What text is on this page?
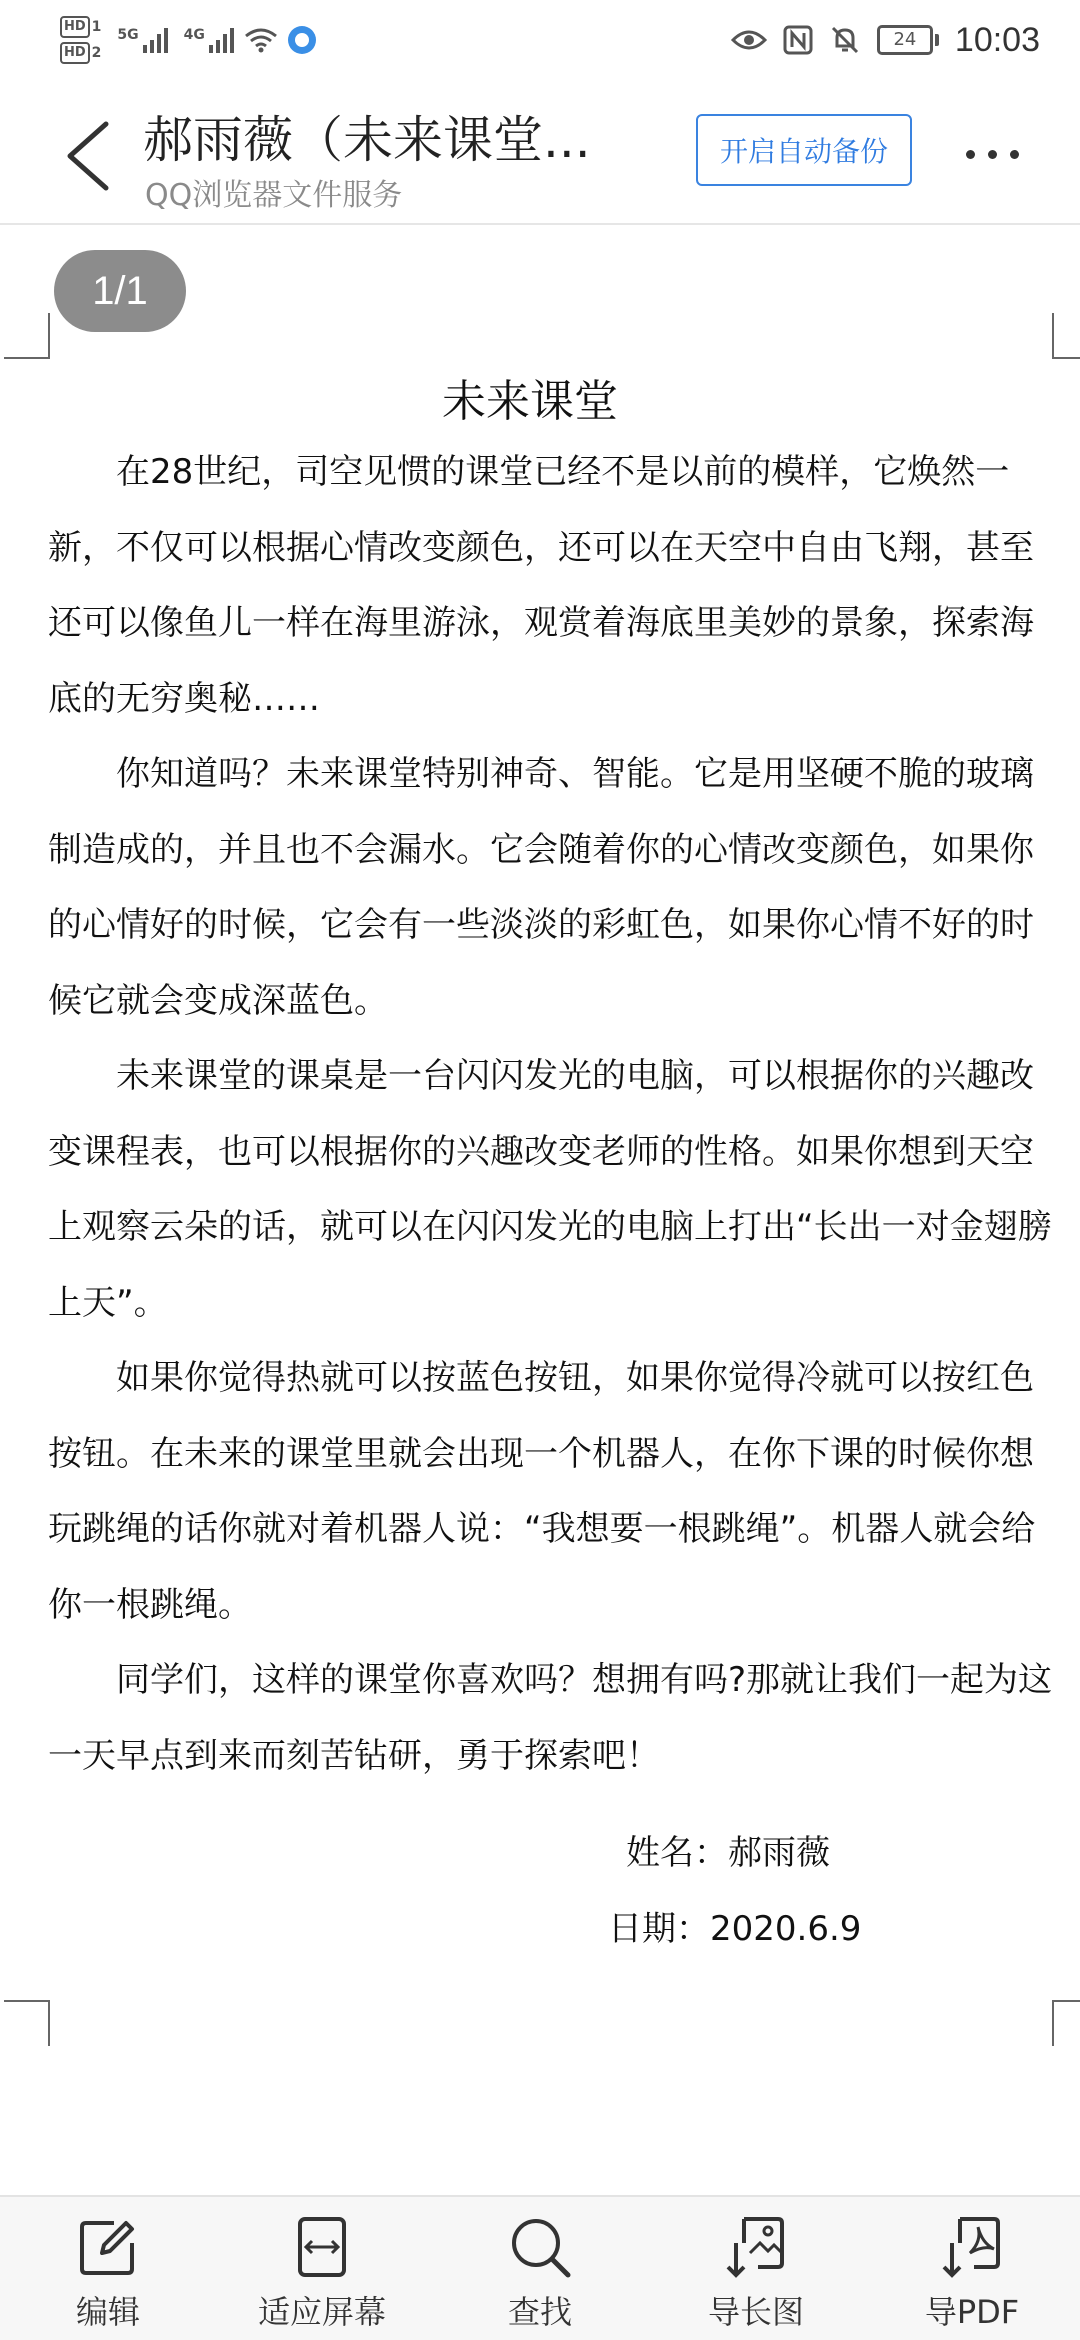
HD 1
HD 2
5G	4G	24	10:03
郝雨薇（未来课堂...
QQ浏览器文件服务
开启自动备份
1/1
未来课堂

在28世纪，司空见惯的课堂已经不是以前的模样，它焕然一新，不仅可以根据心情改变颜色，还可以在天空中自由飞翔，甚至还可以像鱼儿一样在海里游泳，观赏着海底里美妙的景象，探索海底的无穷奥秘……

你知道吗？未来课堂特别神奇、智能。它是用坚硬不脆的玻璃制造成的，并且也不会漏水。它会随着你的心情改变颜色，如果你的心情好的时候，它会有一些淡淡的彩虹色，如果你心情不好的时候它就会变成深蓝色。

未来课堂的课桌是一台闪闪发光的电脑，可以根据你的兴趣改变课程表，也可以根据你的兴趣改变老师的性格。如果你想到天空上观察云朵的话，就可以在闪闪发光的电脑上打出“长出一对金翅膀上天”。

如果你觉得热就可以按蓝色按钮，如果你觉得冷就可以按红色按钮。在未来的课堂里就会出现一个机器人，在你下课的时候你想玩跳绳的话你就对着机器人说：“我想要一根跳绳”。机器人就会给你一根跳绳。

同学们，这样的课堂你喜欢吗？想拥有吗?那就让我们一起为这一天早点到来而刻苦钻研，勇于探索吧！

姓名：郝雨薇
日期：2020.6.9
编辑	适应屏幕	查找	导长图	导PDF
